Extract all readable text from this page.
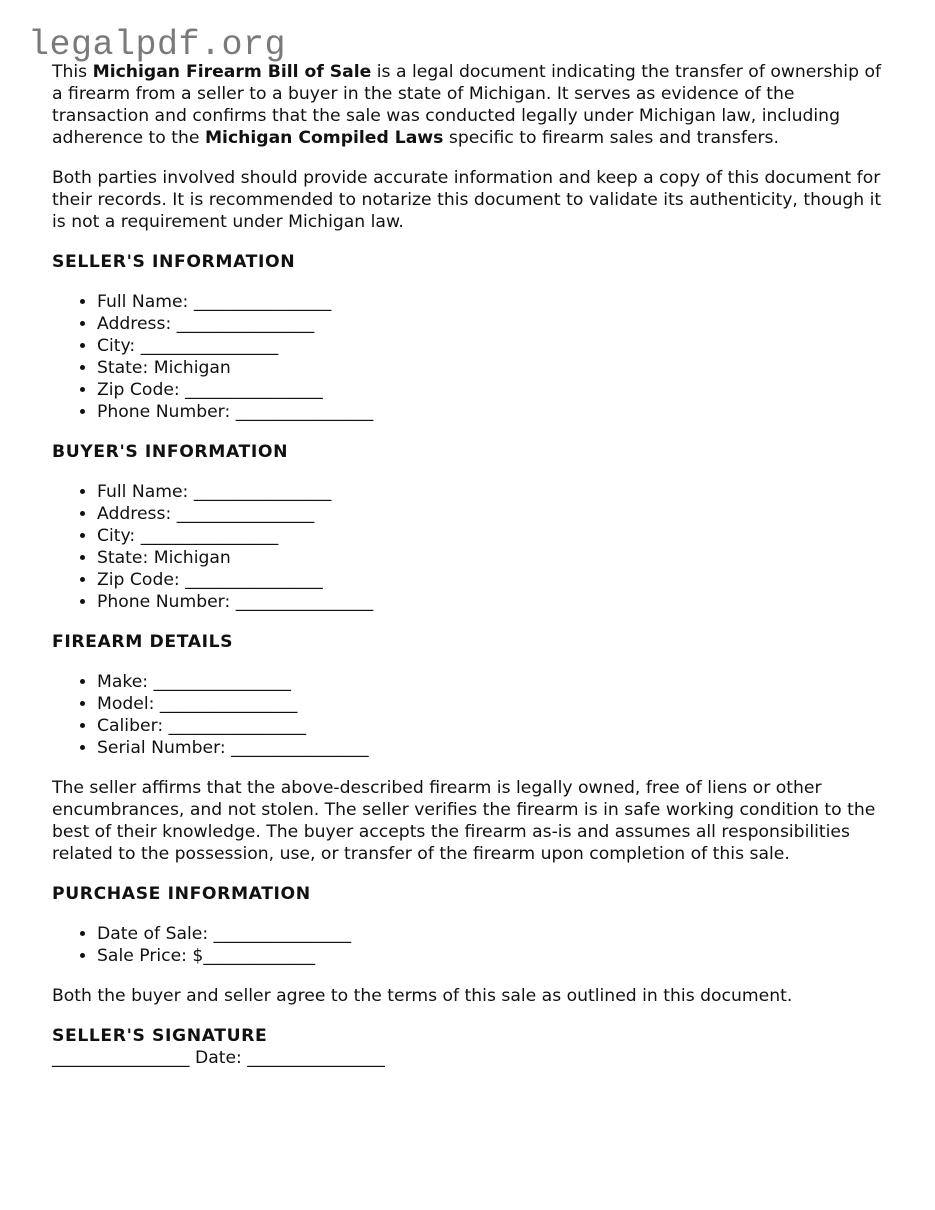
legalpdf.org

This Michigan Firearm Bill of Sale is a legal document indicating the transfer of ownership of a firearm from a seller to a buyer in the state of Michigan. It serves as evidence of the transaction and confirms that the sale was conducted legally under Michigan law, including adherence to the Michigan Compiled Laws specific to firearm sales and transfers.

Both parties involved should provide accurate information and keep a copy of this document for their records. It is recommended to notarize this document to validate its authenticity, though it is not a requirement under Michigan law.

SELLER'S INFORMATION
• Full Name: ________________
• Address: ________________
• City: ________________
• State: Michigan
• Zip Code: ________________
• Phone Number: ________________
BUYER'S INFORMATION
• Full Name: ________________
• Address: ________________
• City: ________________
• State: Michigan
• Zip Code: ________________
• Phone Number: ________________
FIREARM DETAILS
• Make: ________________
• Model: ________________
• Caliber: ________________
• Serial Number: ________________

The seller affirms that the above-described firearm is legally owned, free of liens or other encumbrances, and not stolen. The seller verifies the firearm is in safe working condition to the best of their knowledge. The buyer accepts the firearm as-is and assumes all responsibilities related to the possession, use, or transfer of the firearm upon completion of this sale.

PURCHASE INFORMATION
• Date of Sale: ________________
• Sale Price: $_____________

Both the buyer and seller agree to the terms of this sale as outlined in this document.

SELLER'S SIGNATURE
________________ Date: ________________
